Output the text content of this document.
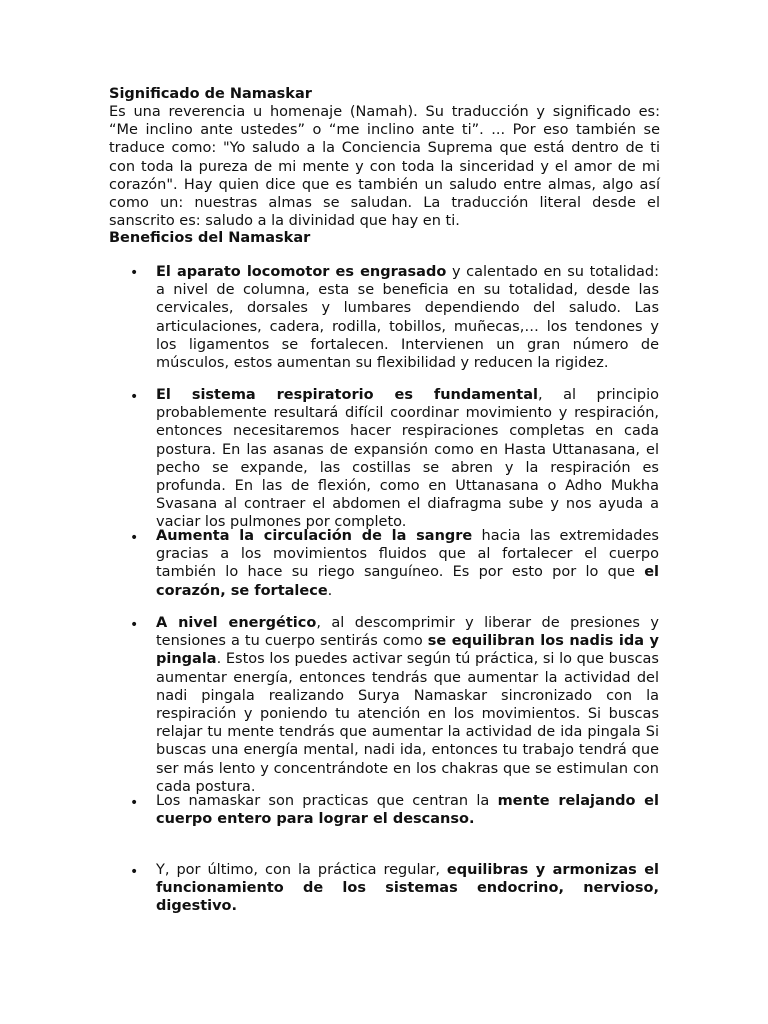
Significado de Namaskar

Es una reverencia u homenaje (Namah). Su traducción y significado es: “Me inclino ante ustedes” o “me inclino ante ti”. ... Por eso también se traduce como: "Yo saludo a la Conciencia Suprema que está dentro de ti con toda la pureza de mi mente y con toda la sinceridad y el amor de mi corazón". Hay quien dice que es también un saludo entre almas, algo así como un: nuestras almas se saludan. La traducción literal desde el sanscrito es: saludo a la divinidad que hay en ti.

Beneficios del Namaskar
• El aparato locomotor es engrasado y calentado en su totalidad: a nivel de columna, esta se beneficia en su totalidad, desde las cervicales, dorsales y lumbares dependiendo del saludo. Las articulaciones, cadera, rodilla, tobillos, muñecas,… los tendones y los ligamentos se fortalecen. Intervienen un gran número de músculos, estos aumentan su flexibilidad y reducen la rigidez.

• El sistema respiratorio es fundamental, al principio probablemente resultará difícil coordinar movimiento y respiración, entonces necesitaremos hacer respiraciones completas en cada postura. En las asanas de expansión como en Hasta Uttanasana, el pecho se expande, las costillas se abren y la respiración es profunda. En las de flexión, como en Uttanasana o Adho Mukha Svasana al contraer el abdomen el diafragma sube y nos ayuda a vaciar los pulmones por completo.

• Aumenta la circulación de la sangre hacia las extremidades gracias a los movimientos fluidos que al fortalecer el cuerpo también lo hace su riego sanguíneo. Es por esto por lo que el corazón, se fortalece.

• A nivel energético, al descomprimir y liberar de presiones y tensiones a tu cuerpo sentirás como se equilibran los nadis ida y pingala. Estos los puedes activar según tú práctica, si lo que buscas aumentar energía, entonces tendrás que aumentar la actividad del nadi pingala realizando Surya Namaskar sincronizado con la respiración y poniendo tu atención en los movimientos. Si buscas relajar tu mente tendrás que aumentar la actividad de ida pingala Si buscas una energía mental, nadi ida, entonces tu trabajo tendrá que ser más lento y concentrándote en los chakras que se estimulan con cada postura.

• Los namaskar son practicas que centran la mente relajando el cuerpo entero para lograr el descanso.

• Y, por último, con la práctica regular, equilibras y armonizas el funcionamiento de los sistemas endocrino, nervioso, digestivo.
